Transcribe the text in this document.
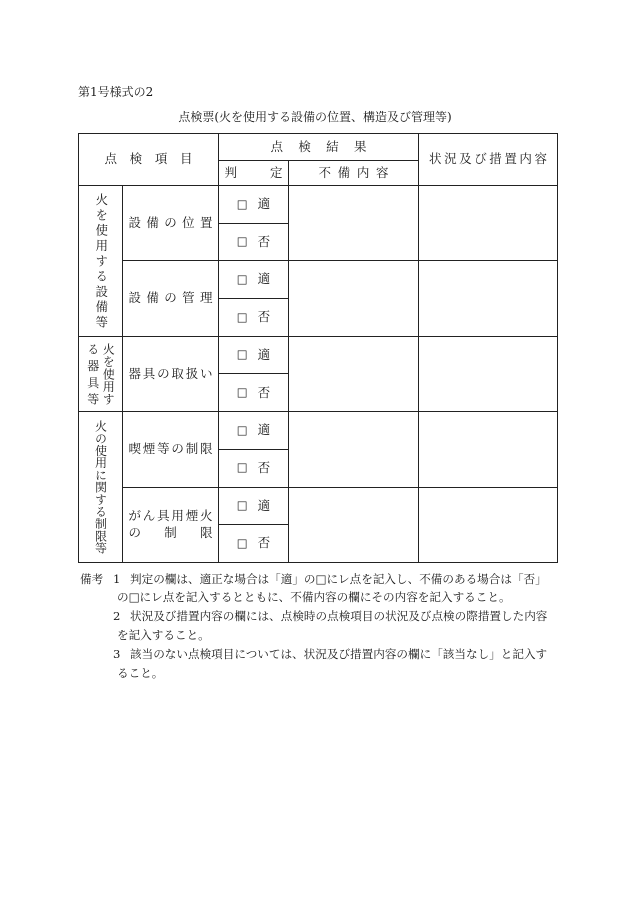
第1号様式の2
点検票(火を使用する設備の位置、構造及び管理等)
点検項目
点検結果
状況及び措置内容
判定 不備内容
火を使用する設備等 設備の位置
□ 適
□ 否
設備の管理
□ 適
□ 否
火を使用す
る器具等 器具の取扱い
□ 適
□ 否
火の使用に関する制限等 喫煙等の制限
□ 適
□ 否
がん具用煙火
の制限
□ 適
□ 否
備考 1 判定の欄は、適正な場合は「適」の□にレ点を記入し、不備のある場合は「否」
の□にレ点を記入するとともに、不備内容の欄にその内容を記入すること。
2 状況及び措置内容の欄には、点検時の点検項目の状況及び点検の際措置した内容
を記入すること。
3 該当のない点検項目については、状況及び措置内容の欄に「該当なし」と記入す
ること。
